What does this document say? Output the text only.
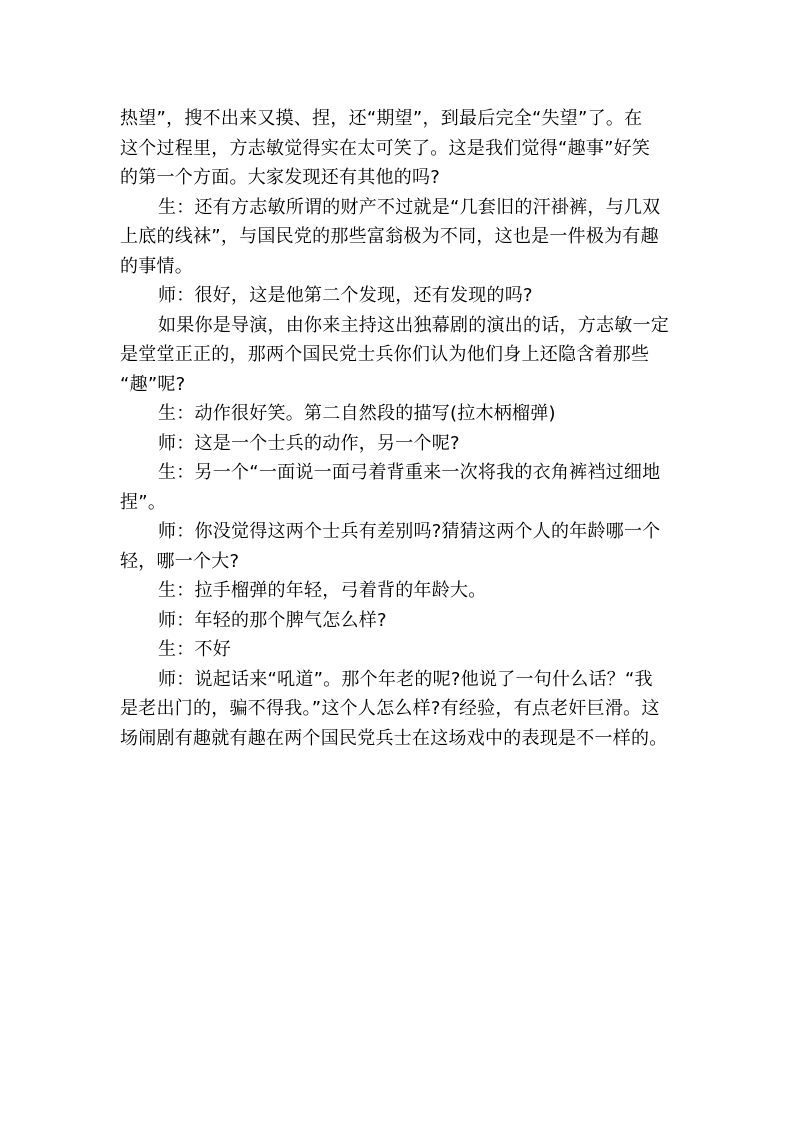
热望”，搜不出来又摸、捏，还“期望”，到最后完全“失望”了。在
这个过程里，方志敏觉得实在太可笑了。这是我们觉得“趣事”好笑
的第一个方面。大家发现还有其他的吗?

生：还有方志敏所谓的财产不过就是“几套旧的汗褂裤，与几双
上底的线袜”，与国民党的那些富翁极为不同，这也是一件极为有趣
的事情。

师：很好，这是他第二个发现，还有发现的吗?

如果你是导演，由你来主持这出独幕剧的演出的话，方志敏一定
是堂堂正正的，那两个国民党士兵你们认为他们身上还隐含着那些
“趣”呢?

生：动作很好笑。第二自然段的描写(拉木柄榴弹)

师：这是一个士兵的动作，另一个呢?

生：另一个“一面说一面弓着背重来一次将我的衣角裤裆过细地
捏”。

师：你没觉得这两个士兵有差别吗?猜猜这两个人的年龄哪一个
轻，哪一个大?

生：拉手榴弹的年轻，弓着背的年龄大。

师：年轻的那个脾气怎么样?

生：不好

师：说起话来“吼道”。那个年老的呢?他说了一句什么话？“我
是老出门的，骗不得我。”这个人怎么样?有经验，有点老奸巨滑。这
场闹剧有趣就有趣在两个国民党兵士在这场戏中的表现是不一样的。
